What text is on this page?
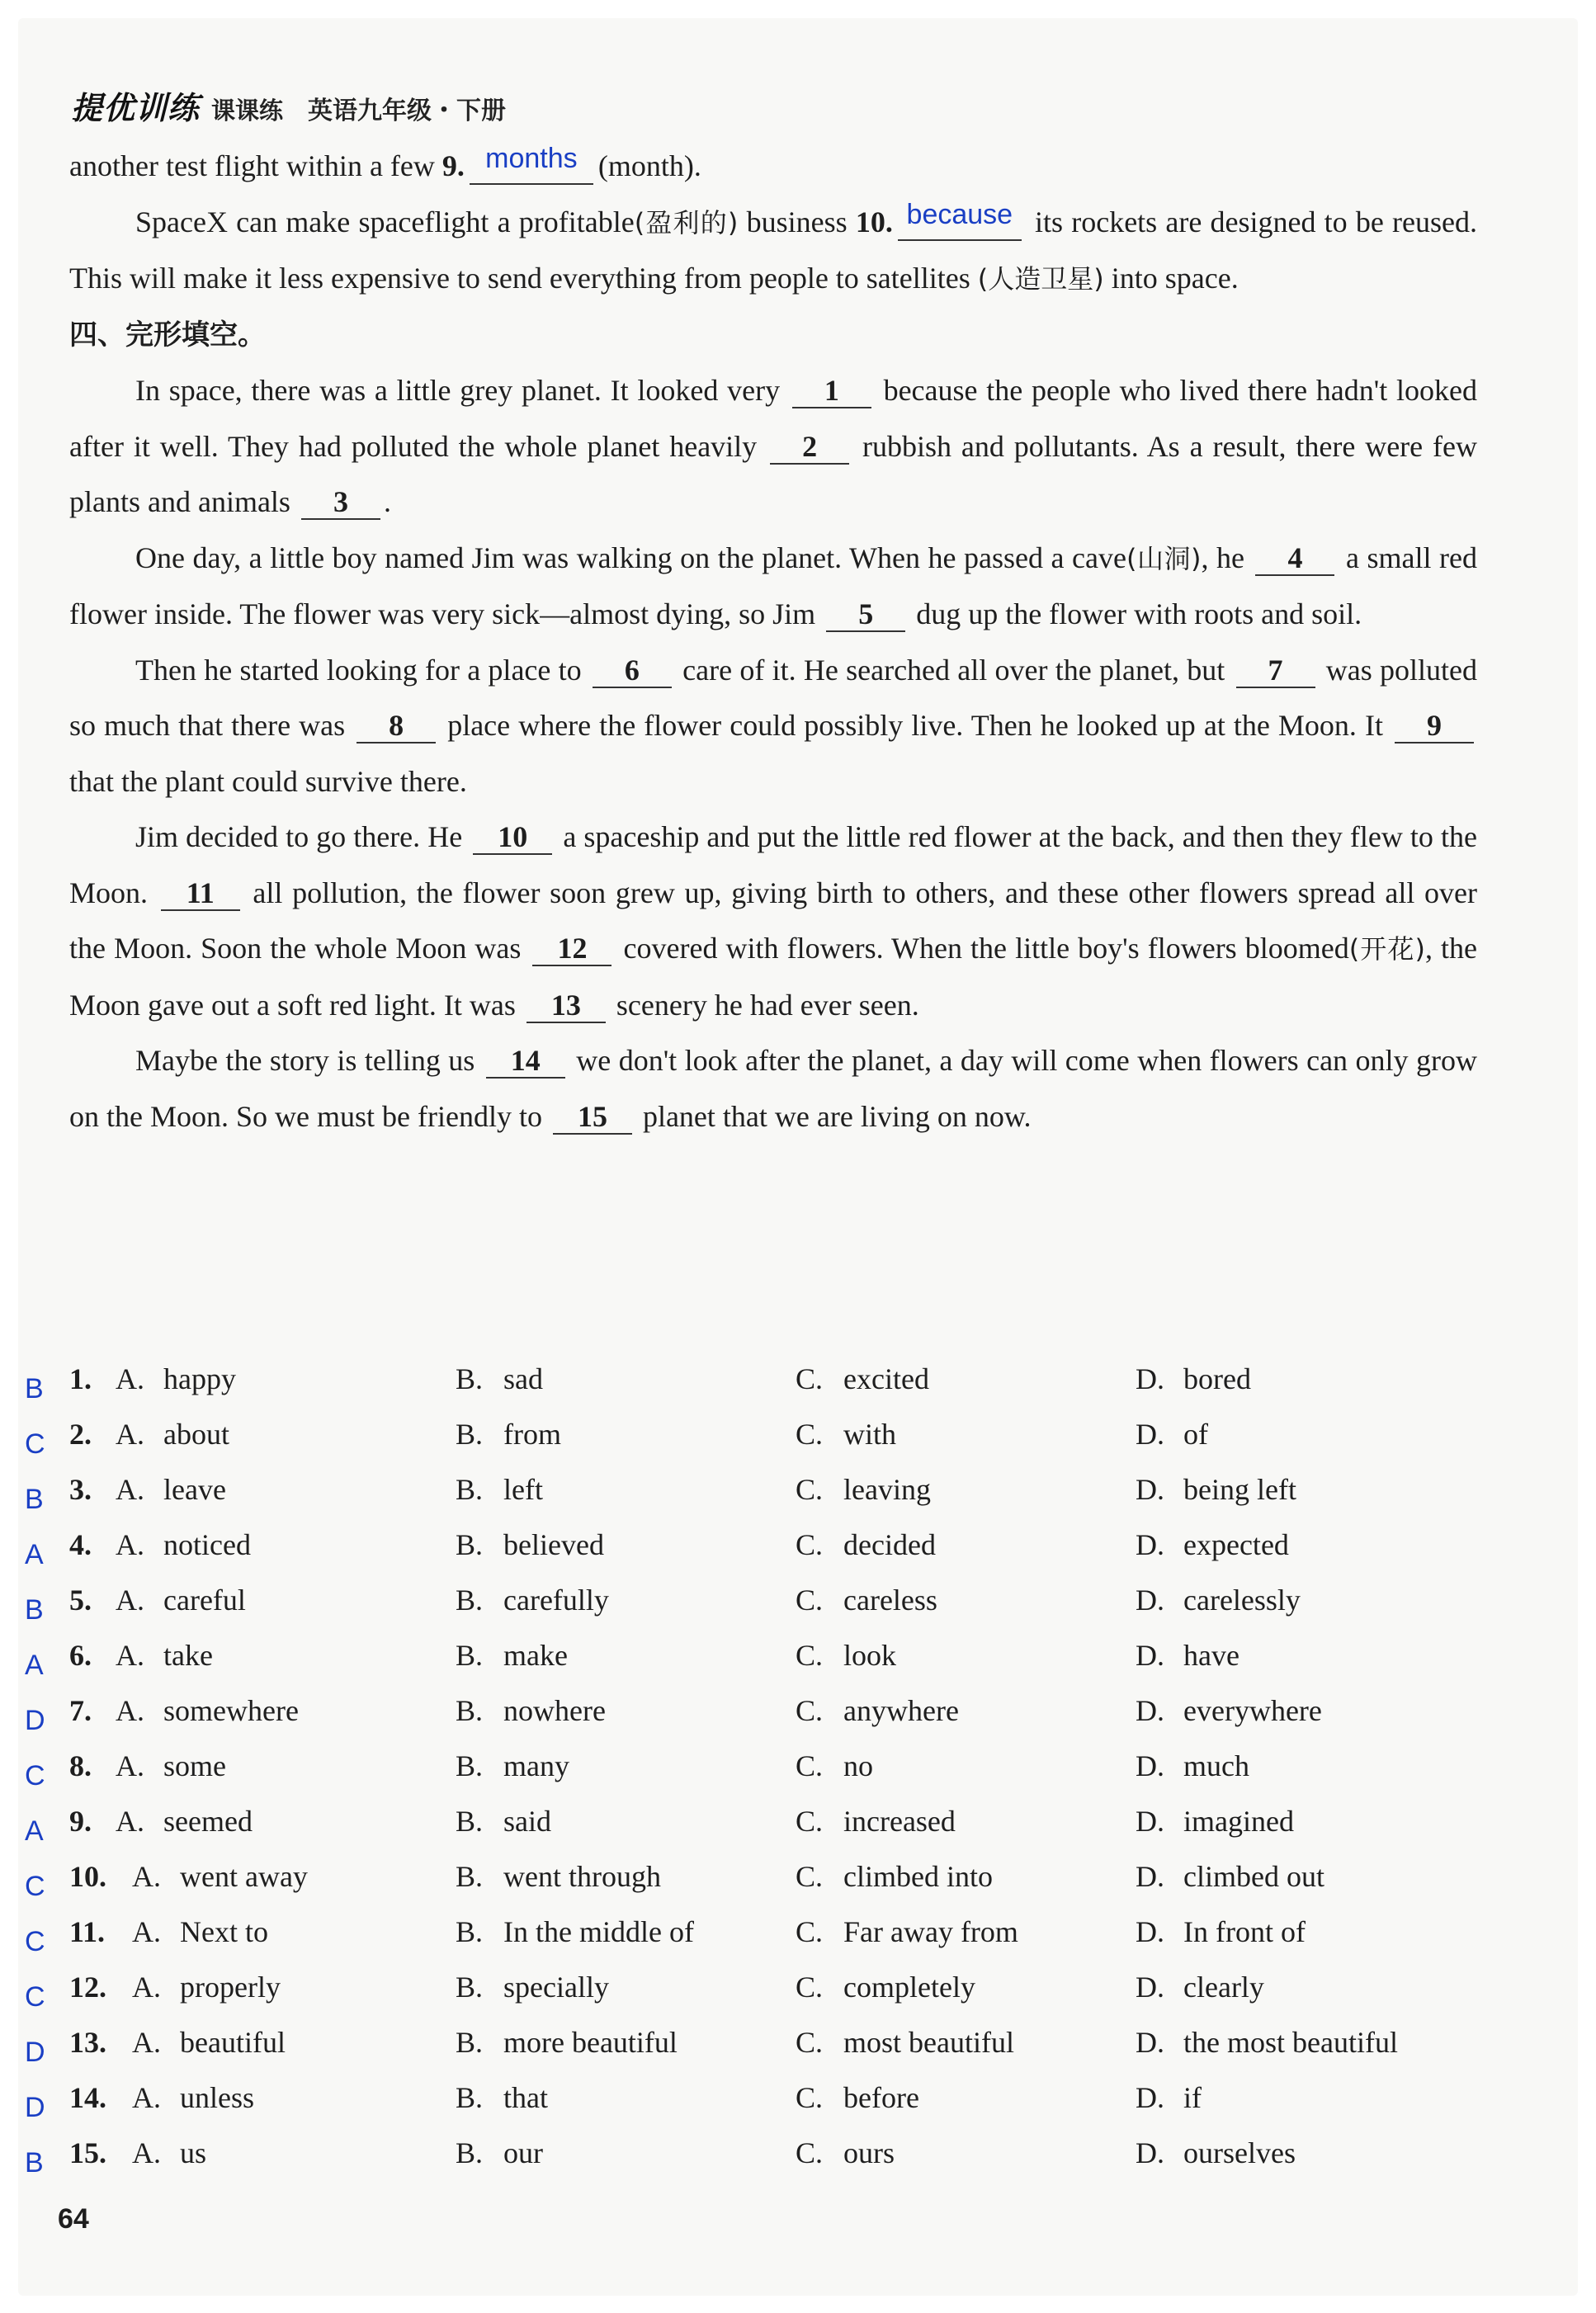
提优训练 课课练 英语九年级・下册

another test flight within a few 9. months (month).

SpaceX can make spaceflight a profitable(盈利的) business 10. because its rockets are designed to be reused. This will make it less expensive to send everything from people to satellites (人造卫星) into space.

四、完形填空。

In space, there was a little grey planet. It looked very 1 because the people who lived there hadn't looked after it well. They had polluted the whole planet heavily 2 rubbish and pollutants. As a result, there were few plants and animals 3 .

One day, a little boy named Jim was walking on the planet. When he passed a cave(山洞), he 4 a small red flower inside. The flower was very sick—almost dying, so Jim 5 dug up the flower with roots and soil.

Then he started looking for a place to 6 care of it. He searched all over the planet, but 7 was polluted so much that there was 8 place where the flower could possibly live. Then he looked up at the Moon. It 9 that the plant could survive there.

Jim decided to go there. He 10 a spaceship and put the little red flower at the back, and then they flew to the Moon. 11 all pollution, the flower soon grew up, giving birth to others, and these other flowers spread all over the Moon. Soon the whole Moon was 12 covered with flowers. When the little boy's flowers bloomed(开花), the Moon gave out a soft red light. It was 13 scenery he had ever seen.

Maybe the story is telling us 14 we don't look after the planet, a day will come when flowers can only grow on the Moon. So we must be friendly to 15 planet that we are living on now.

B 1. A. happy	B. sad	C. excited	D. bored
C 2. A. about	B. from	C. with	D. of
B 3. A. leave	B. left	C. leaving	D. being left
A 4. A. noticed	B. believed	C. decided	D. expected
B 5. A. careful	B. carefully	C. careless	D. carelessly
A 6. A. take	B. make	C. look	D. have
D 7. A. somewhere	B. nowhere	C. anywhere	D. everywhere
C 8. A. some	B. many	C. no	D. much
A 9. A. seemed	B. said	C. increased	D. imagined
C 10. A. went away	B. went through	C. climbed into	D. climbed out
C 11. A. Next to	B. In the middle of	C. Far away from	D. In front of
C 12. A. properly	B. specially	C. completely	D. clearly
D 13. A. beautiful	B. more beautiful	C. most beautiful	D. the most beautiful
D 14. A. unless	B. that	C. before	D. if
B 15. A. us	B. our	C. ours	D. ourselves
64
